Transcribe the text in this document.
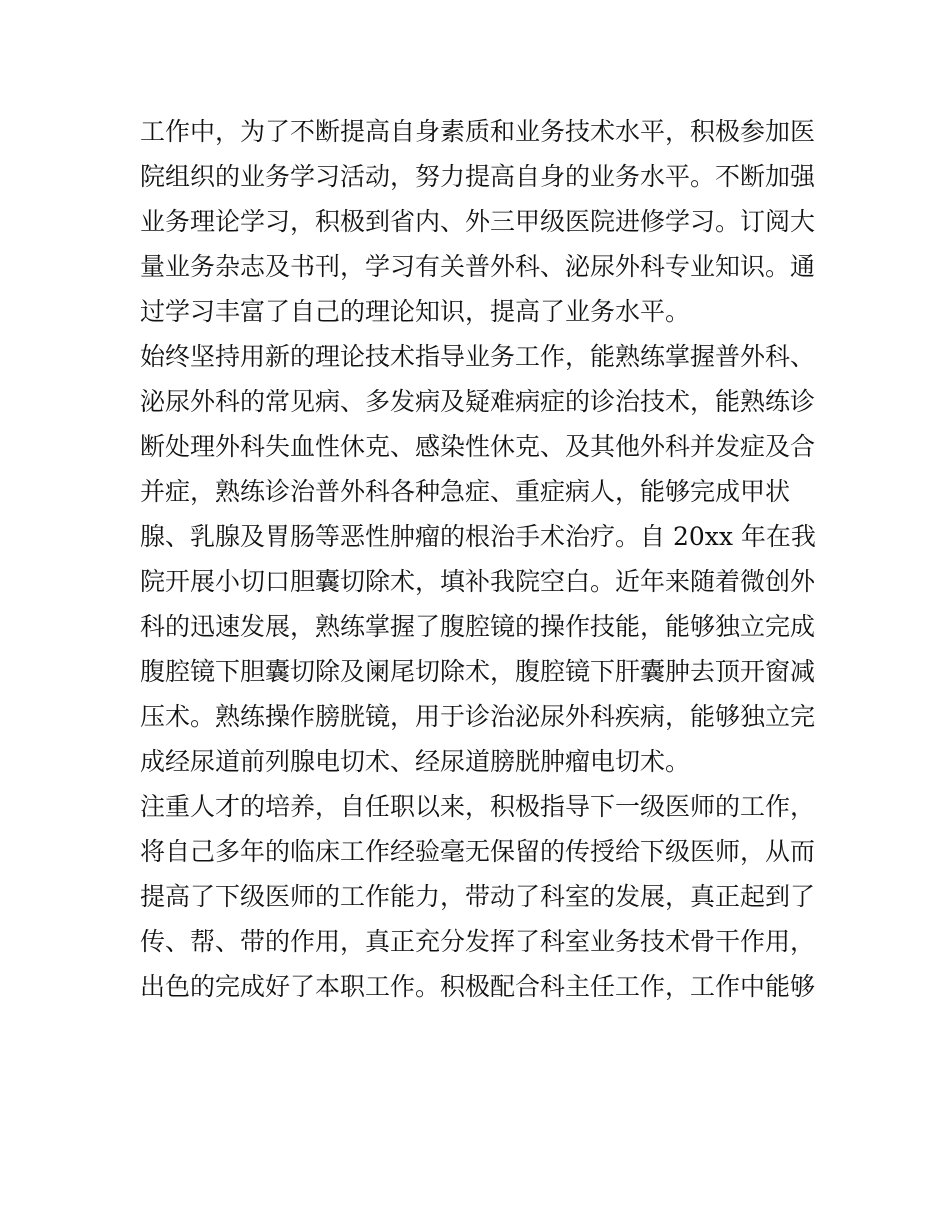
工作中，为了不断提高自身素质和业务技术水平，积极参加医
院组织的业务学习活动，努力提高自身的业务水平。不断加强
业务理论学习，积极到省内、外三甲级医院进修学习。订阅大
量业务杂志及书刊，学习有关普外科、泌尿外科专业知识。通
过学习丰富了自己的理论知识，提高了业务水平。
始终坚持用新的理论技术指导业务工作，能熟练掌握普外科、
泌尿外科的常见病、多发病及疑难病症的诊治技术，能熟练诊
断处理外科失血性休克、感染性休克、及其他外科并发症及合
并症，熟练诊治普外科各种急症、重症病人，能够完成甲状
腺、乳腺及胃肠等恶性肿瘤的根治手术治疗。自 20xx 年在我
院开展小切口胆囊切除术，填补我院空白。近年来随着微创外
科的迅速发展，熟练掌握了腹腔镜的操作技能，能够独立完成
腹腔镜下胆囊切除及阑尾切除术，腹腔镜下肝囊肿去顶开窗减
压术。熟练操作膀胱镜，用于诊治泌尿外科疾病，能够独立完
成经尿道前列腺电切术、经尿道膀胱肿瘤电切术。
注重人才的培养，自任职以来，积极指导下一级医师的工作，
将自己多年的临床工作经验毫无保留的传授给下级医师，从而
提高了下级医师的工作能力，带动了科室的发展，真正起到了
传、帮、带的作用，真正充分发挥了科室业务技术骨干作用，
出色的完成好了本职工作。积极配合科主任工作，工作中能够
